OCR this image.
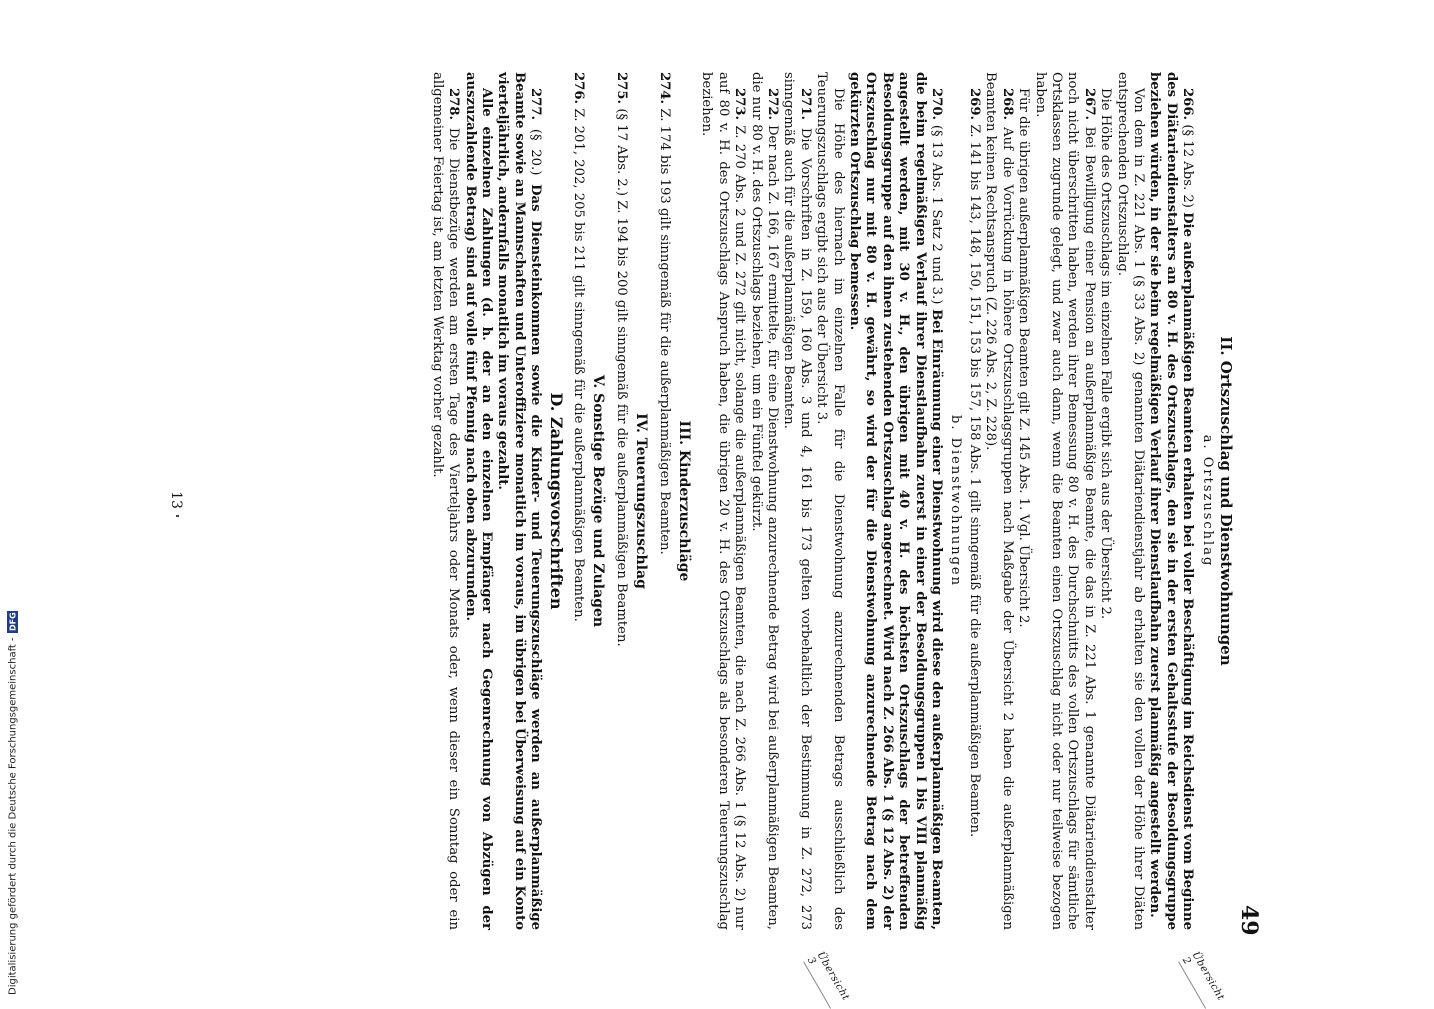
49
Übersicht 2
Übersicht 3
II. Ortszuschlag und Dienstwohnungen
a. Ortszuschlag

266. (§ 12 Abs. 2) Die außerplanmäßigen Beamten erhalten bei voller Beschäftigung im Reichsdienst vom Beginne des Diätariendienstalters an 80 v. H. des Ortszuschlags, den sie in der ersten Gehaltsstufe der Besoldungsgruppe beziehen würden, in der sie beim regelmäßigen Verlauf ihrer Dienstlaufbahn zuerst planmäßig angestellt werden.

Von dem in Z. 221 Abs. 1 (§ 33 Abs. 2) genannten Diätariendienstjahr ab erhalten sie den vollen der Höhe ihrer Diäten entsprechenden Ortszuschlag.

Die Höhe des Ortszuschlags im einzelnen Falle ergibt sich aus der Übersicht 2.

267. Bei Bewilligung einer Pension an außerplanmäßige Beamte, die das in Z. 221 Abs. 1 genannte Diätariendienstalter noch nicht überschritten haben, werden ihrer Bemessung 80 v. H. des Durchschnitts des vollen Ortszuschlags für sämtliche Ortsklassen zugrunde gelegt, und zwar auch dann, wenn die Beamten einen Ortszuschlag nicht oder nur teilweise bezogen haben.

Für die übrigen außerplanmäßigen Beamten gilt Z. 145 Abs. 1. Vgl. Übersicht 2.

268. Auf die Vorrückung in höhere Ortszuschlagsgruppen nach Maßgabe der Übersicht 2 haben die außerplanmäßigen Beamten keinen Rechtsanspruch (Z. 226 Abs. 2, Z. 228).

269. Z. 141 bis 143, 148, 150, 151, 153 bis 157, 158 Abs. 1 gilt sinngemäß für die außerplanmäßigen Beamten.

b. Dienstwohnungen

270. (§ 13 Abs. 1 Satz 2 und 3.) Bei Einräumung einer Dienstwohnung wird diese den außerplanmäßigen Beamten, die beim regelmäßigen Verlauf ihrer Dienstlaufbahn zuerst in einer der Besoldungsgruppen I bis VIII planmäßig angestellt werden, mit 30 v. H., den übrigen mit 40 v. H. des höchsten Ortszuschlags der betreffenden Besoldungsgruppe auf den ihnen zustehenden Ortszuschlag angerechnet. Wird nach Z. 266 Abs. 1 (§ 12 Abs. 2) der Ortszuschlag nur mit 80 v. H. gewährt, so wird der für die Dienstwohnung anzurechnende Betrag nach dem gekürzten Ortszuschlag bemessen.

Die Höhe des hiernach im einzelnen Falle für die Dienstwohnung anzurechnenden Betrags ausschließlich des Teuerungszuschlags ergibt sich aus der Übersicht 3.

271. Die Vorschriften in Z. 159, 160 Abs. 3 und 4, 161 bis 173 gelten vorbehaltlich der Bestimmung in Z. 272, 273 sinngemäß auch für die außerplanmäßigen Beamten.

272. Der nach Z. 166, 167 ermittelte, für eine Dienstwohnung anzurechnende Betrag wird bei außerplanmäßigen Beamten, die nur 80 v. H. des Ortszuschlags beziehen, um ein Fünftel gekürzt.

273. Z. 270 Abs. 2 und Z. 272 gilt nicht, solange die außerplanmäßigen Beamten, die nach Z. 266 Abs. 1 (§ 12 Abs. 2) nur auf 80 v. H. des Ortszuschlags Anspruch haben, die übrigen 20 v. H. des Ortszuschlags als besonderen Teuerungszuschlag beziehen.

III. Kinderzuschläge

274. Z. 174 bis 193 gilt sinngemäß für die außerplanmäßigen Beamten.

IV. Teuerungszuschlag

275. (§ 17 Abs. 2.) Z. 194 bis 200 gilt sinngemäß für die außerplanmäßigen Beamten.

V. Sonstige Bezüge und Zulagen

276. Z. 201, 202, 205 bis 211 gilt sinngemäß für die außerplanmäßigen Beamten.

D. Zahlungsvorschriften

277. (§ 20.) Das Diensteinkommen sowie die Kinder- und Teuerungszuschläge werden an außerplanmäßige Beamte sowie an Mannschaften und Unteroffiziere monatlich im voraus, im übrigen bei Überweisung auf ein Konto vierteljährlich, andernfalls monatlich im voraus gezahlt.

Alle einzelnen Zahlungen (d. h. der an den einzelnen Empfänger nach Gegenrechnung von Abzügen der auszuzahlende Betrag) sind auf volle fünf Pfennig nach oben abzurunden.

278. Die Dienstbezüge werden am ersten Tage des Vierteljahrs oder Monats oder, wenn dieser ein Sonntag oder ein allgemeiner Feiertag ist, am letzten Werktag vorher gezahlt.

13
Digitalisierung gefördert durch die Deutsche Forschungsgemeinschaft -
DFG
